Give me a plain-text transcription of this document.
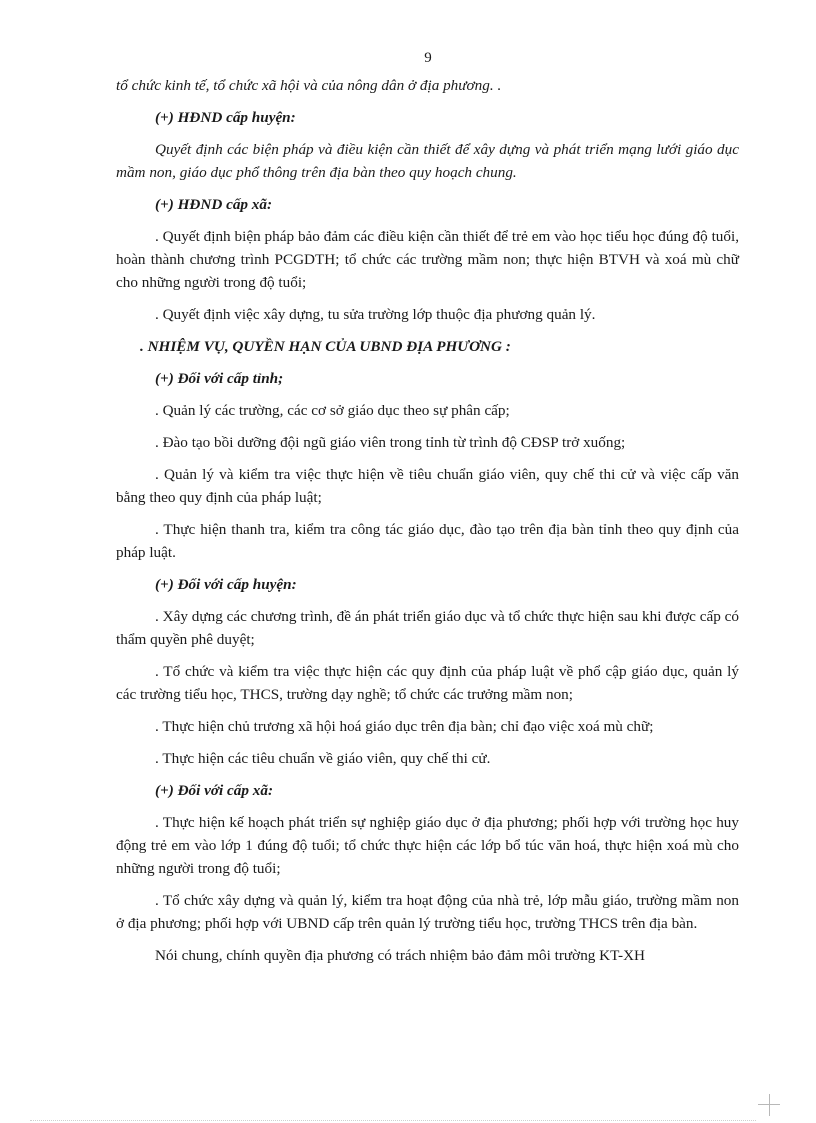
9

tổ chức kinh tế, tổ chức xã hội và của nông dân ở địa phương. .

(+) HĐND cấp huyện:

Quyết định các biện pháp và điều kiện cần thiết để xây dựng và phát triển mạng lưới giáo dục mầm non, giáo dục phổ thông trên địa bàn theo quy hoạch chung.

(+) HĐND cấp xã:

. Quyết định biện pháp bảo đảm các điều kiện cần thiết để trẻ em vào học tiểu học đúng độ tuổi, hoàn thành chương trình PCGDTH; tổ chức các trường mầm non; thực hiện BTVH và xoá mù chữ cho những người trong độ tuổi;

. Quyết định việc xây dựng, tu sửa trường lớp thuộc địa phương quản lý.

. NHIỆM VỤ, QUYỀN HẠN CỦA UBND ĐỊA PHƯƠNG :

(+) Đối với cấp tỉnh;

. Quản lý các trường, các cơ sở giáo dục theo sự phân cấp;

. Đào tạo bồi dưỡng đội ngũ giáo viên trong tỉnh từ trình độ CĐSP trở xuống;

. Quản lý và kiểm tra việc thực hiện về tiêu chuẩn giáo viên, quy chế thi cử và việc cấp văn bằng theo quy định của pháp luật;

. Thực hiện thanh tra, kiểm tra công tác giáo dục, đào tạo trên địa bàn tỉnh theo quy định của pháp luật.

(+) Đối với cấp huyện:

. Xây dựng các chương trình, đề án phát triển giáo dục và tổ chức thực hiện sau khi được cấp có thẩm quyền phê duyệt;

. Tổ chức và kiểm tra việc thực hiện các quy định của pháp luật về phổ cập giáo dục, quản lý các trường tiểu học, THCS, trường dạy nghề; tổ chức các trưởng mầm non;

. Thực hiện chủ trương xã hội hoá giáo dục trên địa bàn; chỉ đạo việc xoá mù chữ;

. Thực hiện các tiêu chuẩn về giáo viên, quy chế thi cử.

(+) Đối với cấp xã:

. Thực hiện kế hoạch phát triển sự nghiệp giáo dục ở địa phương; phối hợp với trường học huy động trẻ em vào lớp 1 đúng độ tuổi; tổ chức thực hiện các lớp bổ túc văn hoá, thực hiện xoá mù cho những người trong độ tuổi;

. Tổ chức xây dựng và quản lý, kiểm tra hoạt động của nhà trẻ, lớp mẫu giáo, trường mầm non ở địa phương; phối hợp với UBND cấp trên quản lý trường tiểu học, trường THCS trên địa bàn.

Nói chung, chính quyền địa phương có trách nhiệm bảo đảm môi trường KT-XH
